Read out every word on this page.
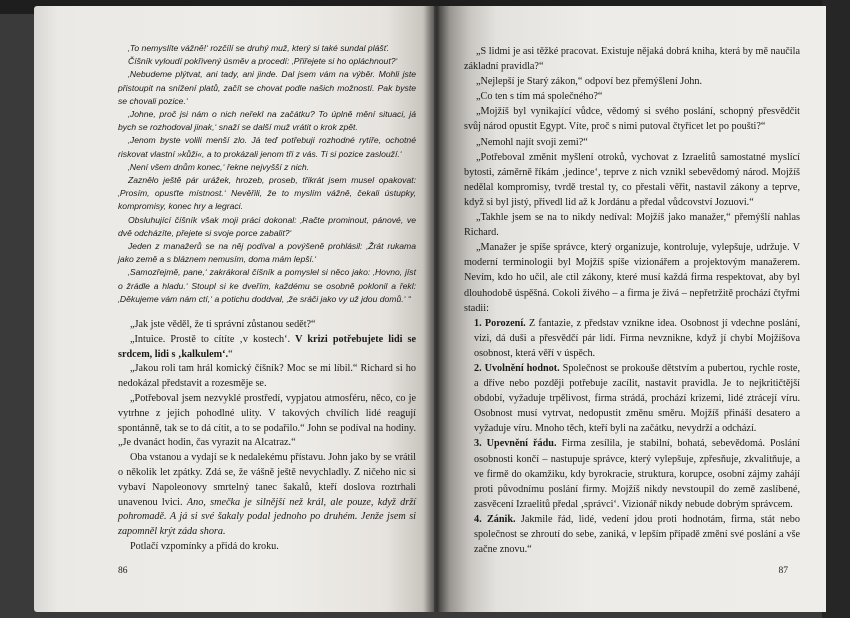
‚To nemyslíte vážně!‘ rozčílí se druhý muž, který si také sundal plášť.

Číšník vyloudí pokřivený úsměv a procedí: ‚Přiřejete si ho opláchnout?‘

‚Nebudeme plýtvat, ani tady, ani jinde. Dal jsem vám na výběr. Mohli jste přistoupit na snížení platů, začít se chovat podle našich možností. Pak byste se chovali pozice.‘

‚Johne, proč jsi nám o nich neřekl na začátku? To úplně mění situaci, já bych se rozhodoval jinak,‘ snaží se další muž vrátit o krok zpět.

‚Jenom byste volili menší zlo. Já teď potřebuji rozhodné rytíře, ochotné riskovat vlastní »kůži«, a to prokázali jenom tři z vás. Ti si pozice zaslouží.‘

‚Není všem dnům konec,‘ řekne nejvyšší z nich.

Zaznělo ještě pár urážek, hrozeb, proseb, třikrát jsem musel opakovat: ‚Prosím, opusťte místnost.‘ Nevěřili, že to myslím vážně, čekali ústupky, kompromisy, konec hry a legraci.

Obsluhující číšník však moji práci dokonal: ‚Račte prominout, pánové, ve dvě odcházíte, přejete si svoje porce zabalit?‘

Jeden z manažerů se na něj podíval a povýšeně prohlásil: ‚Žrát rukama jako země a s bláznem nemusím, doma mám lepší.‘

‚Samozřejmě, pane,‘ zakrákoral číšník a pomyslel si něco jako: ‚Hovno, jíst o žrádle a hladu.‘ Stoupl si ke dveřím, každému se osobně poklonil a řekl: ‚Děkujeme vám nám ctí,‘ a potichu doddval, ‚že sráči jako vy už jdou domů.‘ “

„Jak jste věděl, že ti správní zůstanou sedět?“

„Intuice. Prostě to cítíte ‚v kostech‘. V krizi potřebujete lidi se srdcem, lidi s ‚kalkulem‘.“

„Jakou roli tam hrál komický číšník? Moc se mi líbil.“ Richard si ho nedokázal představit a rozesmějе se.

„Potřeboval jsem nezvyklé prostředí, vypjatou atmosféru, něco, co je vytrhne z jejich pohodlné ulity. V takových chvílích lidé reagují spontánně, tak se to dá cítit, a to se podařilo.“ John se podíval na hodiny. „Je dvanáct hodin, čas vyrazit na Alcatraz.“

Oba vstanou a vydají se k nedalekému přístavu. John jako by se vrátil o několik let zpátky. Zdá se, že vášně ještě nevychladly. Z ničeho nic si vybaví Napoleonovy smrtelný tanec šakalů, kteří doslova roztrhali unavenou lvici. Ano, smečka je silnější než král, ale pouze, když drží pohromadě. A já si své šakaly podal jednoho po druhém. Jenže jsem si zapomněl krýt záda shora.

Potlačí vzpomínky a přidá do kroku.

86

„S lidmi je asi těžké pracovat. Existuje nějaká dobrá kniha, která by mě naučila základní pravidla?“

„Nejlepší je Starý zákon,“ odpoví bez přemýšlení John.

„Co ten s tím má společného?“

„Mojžíš byl vynikající vůdce, vědomý si svého poslání, schopný přesvědčit svůj národ opustit Egypt. Víte, proč s nimi putoval čtyřicet let po poušti?“

„Nemohl najít svoji zemi?“

„Potřeboval změnit myšlení otroků, vychovat z Izraelitů samostatné myslící bytosti, záměrně říkám ‚jedince‘, teprve z nich vznikl sebevědomý národ. Mojžíš nedělal kompromisy, tvrdě trestal ty, co přestali věřit, nastavil zákony a teprve, když si byl jistý, přivedl lid až k Jordánu a předal vůdcovství Jozuovi.“

„Takhle jsem se na to nikdy nedíval: Mojžíš jako manažer,“ přemýšlí nahlas Richard.

„Manažer je spíše správce, který organizuje, kontroluje, vylepšuje, udržuje. V moderní terminologii byl Mojžíš spíše vizionářem a projektovým manažerem. Nevím, kdo ho učil, ale ctil zákony, které musí každá firma respektovat, aby byl dlouhodobě úspěšná. Cokoli živého – a firma je živá – nepřetržitě prochází čtyřmi stadii:

1. Porození. Z fantazie, z představ vznikne idea. Osobnost jí vdechne poslání, vizi, dá duši a přesvědčí pár lidí. Firma nevznikne, když jí chybí Mojžíšova osobnost, která věří v úspěch.

2. Uvolnění hodnot. Společnost se prokouše dětstvím a pubertou, rychle roste, a dříve nebo později potřebuje zacílit, nastavit pravidla. Je to nejkritičtější období, vyžaduje trpělivost, firma strádá, prochází krizemi, lidé ztrácejí víru. Osobnost musí vytrvat, nedopustit změnu směru. Mojžíš přináší desatero a vyžaduje víru. Mnoho těch, kteří byli na začátku, nevydrží a odchází.

3. Upevnění řádu. Firma zesílila, je stabilní, bohatá, sebevědomá. Poslání osobnosti končí – nastupuje správce, který vylepšuje, zpřesňuje, zkvalitňuje, a ve firmě do okamžiku, kdy byrokracie, struktura, korupce, osobní zájmy zahájí proti původnímu poslání firmy. Mojžíš nikdy nevstoupil do země zaslíbené, zasvěcení Izraelitů předal ‚správci‘. Vizionář nikdy nebude dobrým správcem.

4. Zánik. Jakmile řád, lidé, vedení jdou proti hodnotám, firma, stát nebo společnost se zhroutí do sebe, zaniká, v lepším případě změní své poslání a vše začne znovu.“

87
